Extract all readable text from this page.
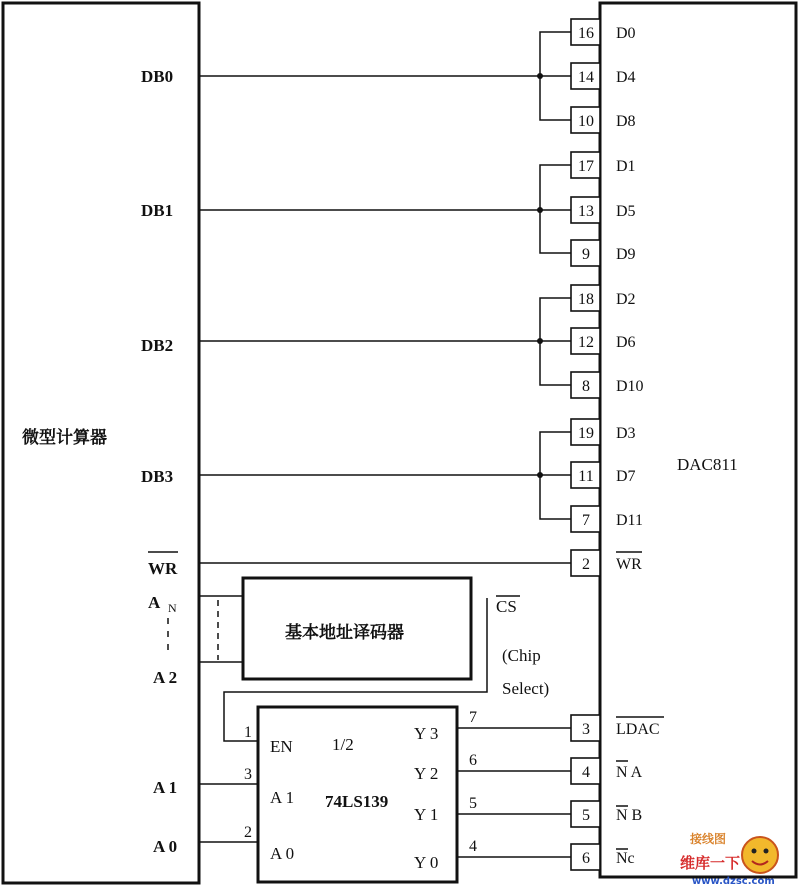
微型计算器
DB0
DB1
DB2
DB3
WR
A N
A 2
A 1
A 0
DAC811
16 D0
14 D4
10 D8
17 D1
13 D5
9 D9
18 D2
12 D6
8 D10
19 D3
11 D7
7 D11
2 WR
3 LDAC
4 N A
5 N B
6 Nc
基本地址译码器
CS
(Chip
Select)
1/2
74LS139
EN
A 1
A 0
Y 3
Y 2
Y 1
Y 0
1
3
2
7
6
5
4	接线图
维库一下
www.dzsc.com
